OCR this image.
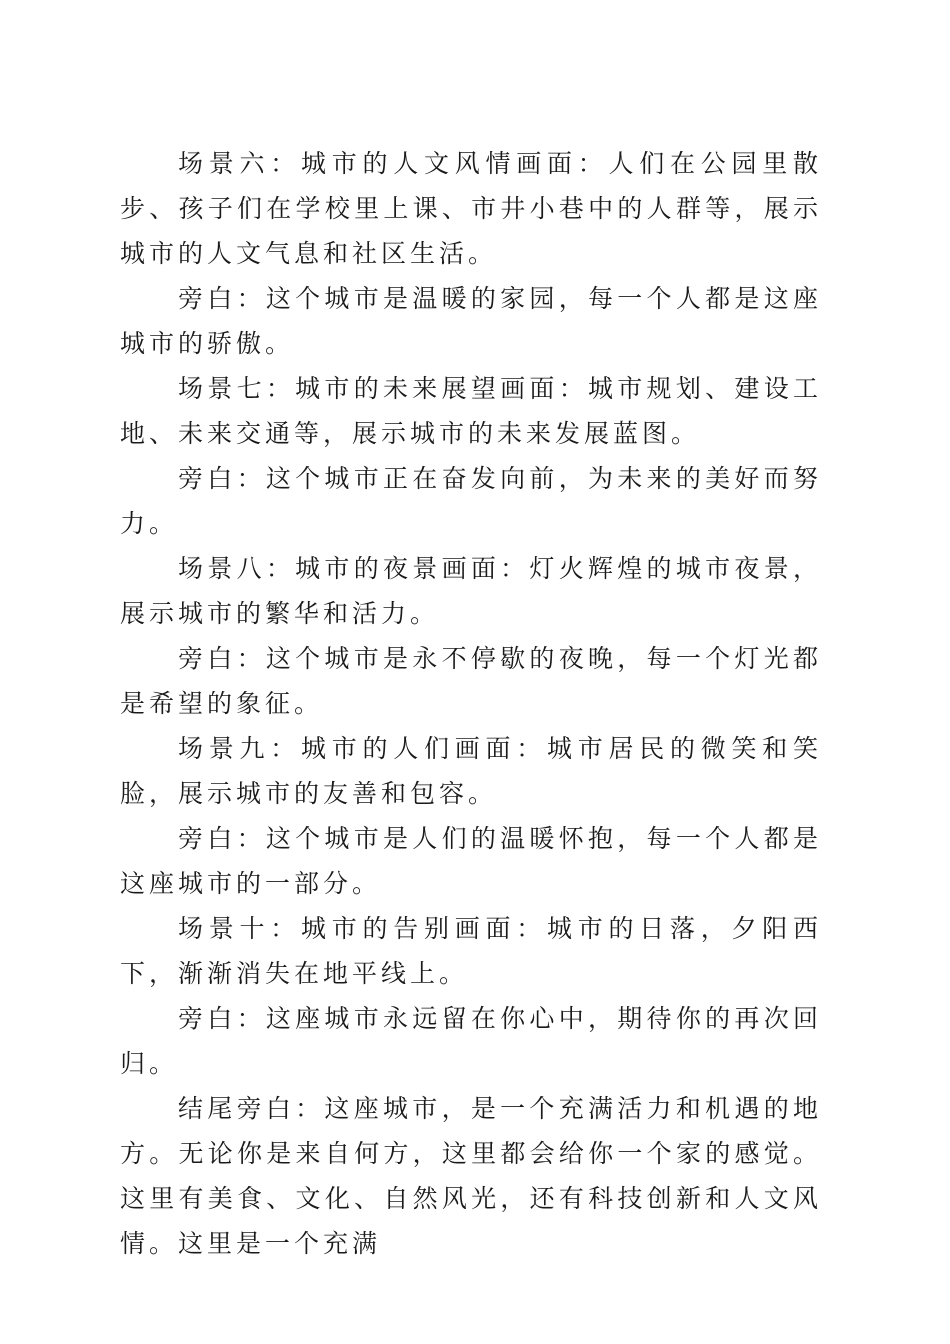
场景六：城市的人文风情画面：人们在公园里散步、孩子们在学校里上课、市井小巷中的人群等，展示城市的人文气息和社区生活。

旁白：这个城市是温暖的家园，每一个人都是这座城市的骄傲。

场景七：城市的未来展望画面：城市规划、建设工地、未来交通等，展示城市的未来发展蓝图。

旁白：这个城市正在奋发向前，为未来的美好而努力。

场景八：城市的夜景画面：灯火辉煌的城市夜景，展示城市的繁华和活力。

旁白：这个城市是永不停歇的夜晚，每一个灯光都是希望的象征。

场景九：城市的人们画面：城市居民的微笑和笑脸，展示城市的友善和包容。

旁白：这个城市是人们的温暖怀抱，每一个人都是这座城市的一部分。

场景十：城市的告别画面：城市的日落，夕阳西下，渐渐消失在地平线上。

旁白：这座城市永远留在你心中，期待你的再次回归。

结尾旁白：这座城市，是一个充满活力和机遇的地方。无论你是来自何方，这里都会给你一个家的感觉。这里有美食、文化、自然风光，还有科技创新和人文风情。这里是一个充满
